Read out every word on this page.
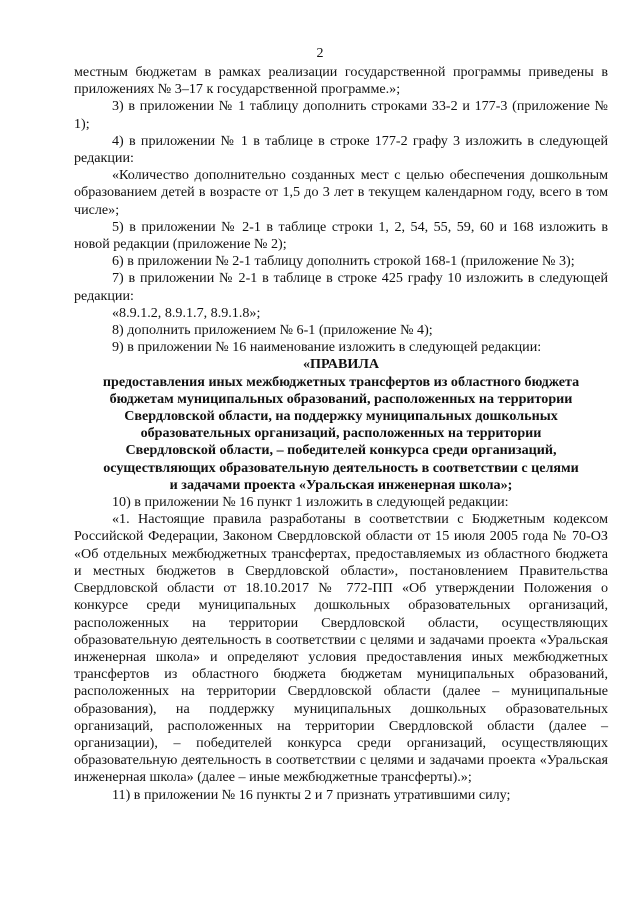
2

местным бюджетам в рамках реализации государственной программы приведены в приложениях № 3–17 к государственной программе.»;

3) в приложении № 1 таблицу дополнить строками 33-2 и 177-3 (приложение № 1);

4) в приложении № 1 в таблице в строке 177-2 графу 3 изложить в следующей редакции:

«Количество дополнительно созданных мест с целью обеспечения дошкольным образованием детей в возрасте от 1,5 до 3 лет в текущем календарном году, всего в том числе»;

5) в приложении № 2-1 в таблице строки 1, 2, 54, 55, 59, 60 и 168 изложить в новой редакции (приложение № 2);

6) в приложении № 2-1 таблицу дополнить строкой 168-1 (приложение № 3);

7) в приложении № 2-1 в таблице в строке 425 графу 10 изложить в следующей редакции:

«8.9.1.2, 8.9.1.7, 8.9.1.8»;

8) дополнить приложением № 6-1 (приложение № 4);

9) в приложении № 16 наименование изложить в следующей редакции:

«ПРАВИЛА

предоставления иных межбюджетных трансфертов из областного бюджета

бюджетам муниципальных образований, расположенных на территории

Свердловской области, на поддержку муниципальных дошкольных

образовательных организаций, расположенных на территории

Свердловской области, – победителей конкурса среди организаций,

осуществляющих образовательную деятельность в соответствии с целями

и задачами проекта «Уральская инженерная школа»;

10) в приложении № 16 пункт 1 изложить в следующей редакции:

«1. Настоящие правила разработаны в соответствии с Бюджетным кодексом Российской Федерации, Законом Свердловской области от 15 июля 2005 года № 70-ОЗ «Об отдельных межбюджетных трансфертах, предоставляемых из областного бюджета и местных бюджетов в Свердловской области», постановлением Правительства Свердловской области от 18.10.2017 № 772-ПП «Об утверждении Положения о конкурсе среди муниципальных дошкольных образовательных организаций, расположенных на территории Свердловской области, осуществляющих образовательную деятельность в соответствии с целями и задачами проекта «Уральская инженерная школа» и определяют условия предоставления иных межбюджетных трансфертов из областного бюджета бюджетам муниципальных образований, расположенных на территории Свердловской области (далее – муниципальные образования), на поддержку муниципальных дошкольных образовательных организаций, расположенных на территории Свердловской области (далее – организации), – победителей конкурса среди организаций, осуществляющих образовательную деятельность в соответствии с целями и задачами проекта «Уральская инженерная школа» (далее – иные межбюджетные трансферты).»;

11) в приложении № 16 пункты 2 и 7 признать утратившими силу;
